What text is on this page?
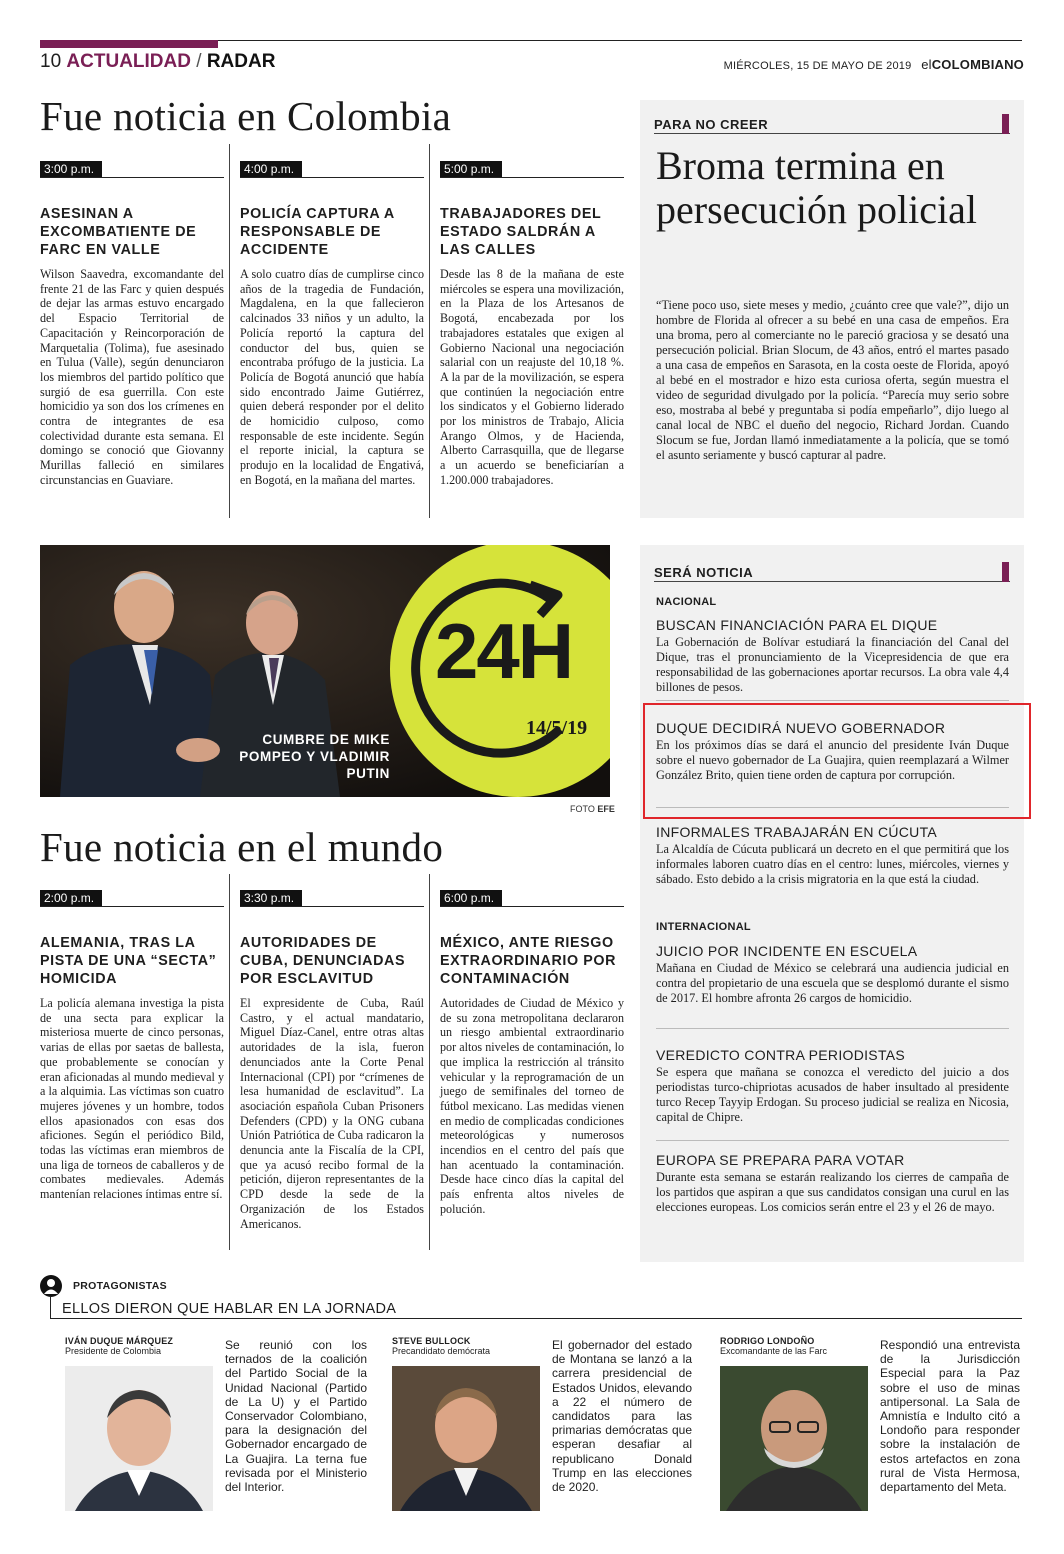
10 ACTUALIDAD / RADAR	MIÉRCOLES, 15 DE MAYO DE 2019 elCOLOMBIANO
Fue noticia en Colombia
3:00 p.m.
ASESINAN A EXCOMBATIENTE DE FARC EN VALLE

Wilson Saavedra, excomandante del frente 21 de las Farc y quien después de dejar las armas estuvo encargado del Espacio Territorial de Capacitación y Reincorporación de Marquetalia (Tolima), fue asesinado en Tulua (Valle), según denunciaron los miembros del partido político que surgió de esa guerrilla. Con este homicidio ya son dos los crímenes en contra de integrantes de esa colectividad durante esta semana. El domingo se conoció que Giovanny Murillas falleció en similares circunstancias en Guaviare.

4:00 p.m.
POLICÍA CAPTURA A RESPONSABLE DE ACCIDENTE

A solo cuatro días de cumplirse cinco años de la tragedia de Fundación, Magdalena, en la que fallecieron calcinados 33 niños y un adulto, la Policía reportó la captura del conductor del bus, quien se encontraba prófugo de la justicia. La Policía de Bogotá anunció que había sido encontrado Jaime Gutiérrez, quien deberá responder por el delito de homicidio culposo, como responsable de este incidente. Según el reporte inicial, la captura se produjo en la localidad de Engativá, en Bogotá, en la mañana del martes.

5:00 p.m.
TRABAJADORES DEL ESTADO SALDRÁN A LAS CALLES

Desde las 8 de la mañana de este miércoles se espera una movilización, en la Plaza de los Artesanos de Bogotá, encabezada por los trabajadores estatales que exigen al Gobierno Nacional una negociación salarial con un reajuste del 10,18 %. A la par de la movilización, se espera que continúen la negociación entre los sindicatos y el Gobierno liderado por los ministros de Trabajo, Alicia Arango Olmos, y de Hacienda, Alberto Carrasquilla, que de llegarse a un acuerdo se beneficiarían a 1.200.000 trabajadores.

PARA NO CREER
Broma termina en persecución policial

“Tiene poco uso, siete meses y medio, ¿cuánto cree que vale?”, dijo un hombre de Florida al ofrecer a su bebé en una casa de empeños. Era una broma, pero al comerciante no le pareció graciosa y se desató una persecución policial. Brian Slocum, de 43 años, entró el martes pasado a una casa de empeños en Sarasota, en la costa oeste de Florida, apoyó al bebé en el mostrador e hizo esta curiosa oferta, según muestra el video de seguridad divulgado por la policía. “Parecía muy serio sobre eso, mostraba al bebé y preguntaba si podía empeñarlo”, dijo luego al canal local de NBC el dueño del negocio, Richard Jordan. Cuando Slocum se fue, Jordan llamó inmediatamente a la policía, que se tomó el asunto seriamente y buscó capturar al padre.

CUMBRE DE MIKE POMPEO Y VLADIMIR PUTIN
24H
14/5/19
FOTO EFE
SERÁ NOTICIA
NACIONAL
BUSCAN FINANCIACIÓN PARA EL DIQUE

La Gobernación de Bolívar estudiará la financiación del Canal del Dique, tras el pronunciamiento de la Vicepresidencia de que era responsabilidad de las gobernaciones aportar recursos. La obra vale 4,4 billones de pesos.

DUQUE DECIDIRÁ NUEVO GOBERNADOR

En los próximos días se dará el anuncio del presidente Iván Duque sobre el nuevo gobernador de La Guajira, quien reemplazará a Wilmer González Brito, quien tiene orden de captura por corrupción.

INFORMALES TRABAJARÁN EN CÚCUTA

La Alcaldía de Cúcuta publicará un decreto en el que permitirá que los informales laboren cuatro días en el centro: lunes, miércoles, viernes y sábado. Esto debido a la crisis migratoria en la que está la ciudad.

INTERNACIONAL
JUICIO POR INCIDENTE EN ESCUELA

Mañana en Ciudad de México se celebrará una audiencia judicial en contra del propietario de una escuela que se desplomó durante el sismo de 2017. El hombre afronta 26 cargos de homicidio.

VEREDICTO CONTRA PERIODISTAS

Se espera que mañana se conozca el veredicto del juicio a dos periodistas turco-chipriotas acusados de haber insultado al presidente turco Recep Tayyip Erdogan. Su proceso judicial se realiza en Nicosia, capital de Chipre.

EUROPA SE PREPARA PARA VOTAR

Durante esta semana se estarán realizando los cierres de campaña de los partidos que aspiran a que sus candidatos consigan una curul en las elecciones europeas. Los comicios serán entre el 23 y el 26 de mayo.

Fue noticia en el mundo
2:00 p.m.
ALEMANIA, TRAS LA PISTA DE UNA “SECTA” HOMICIDA

La policía alemana investiga la pista de una secta para explicar la misteriosa muerte de cinco personas, varias de ellas por saetas de ballesta, que probablemente se conocían y eran aficionadas al mundo medieval y a la alquimia. Las víctimas son cuatro mujeres jóvenes y un hombre, todos ellos apasionados con esas dos aficiones. Según el periódico Bild, todas las víctimas eran miembros de una liga de torneos de caballeros y de combates medievales. Además mantenían relaciones íntimas entre sí.

3:30 p.m.
AUTORIDADES DE CUBA, DENUNCIADAS POR ESCLAVITUD

El expresidente de Cuba, Raúl Castro, y el actual mandatario, Miguel Díaz-Canel, entre otras altas autoridades de la isla, fueron denunciados ante la Corte Penal Internacional (CPI) por “crímenes de lesa humanidad de esclavitud”. La asociación española Cuban Prisoners Defenders (CPD) y la ONG cubana Unión Patriótica de Cuba radicaron la denuncia ante la Fiscalía de la CPI, que ya acusó recibo formal de la petición, dijeron representantes de la CPD desde la sede de la Organización de los Estados Americanos.

6:00 p.m.
MÉXICO, ANTE RIESGO EXTRAORDINARIO POR CONTAMINACIÓN

Autoridades de Ciudad de México y de su zona metropolitana declararon un riesgo ambiental extraordinario por altos niveles de contaminación, lo que implica la restricción al tránsito vehicular y la reprogramación de un juego de semifinales del torneo de fútbol mexicano. Las medidas vienen en medio de complicadas condiciones meteorológicas y numerosos incendios en el centro del país que han acentuado la contaminación. Desde hace cinco días la capital del país enfrenta altos niveles de polución.

PROTAGONISTAS
ELLOS DIERON QUE HABLAR EN LA JORNADA
IVÁN DUQUE MÁRQUEZ
Presidente de Colombia	Se reunió con los ternados de la coalición del Partido Social de la Unidad Nacional (Partido de La U) y el Partido Conservador Colombiano, para la designación del Gobernador encargado de La Guajira. La terna fue revisada por el Ministerio del Interior.

STEVE BULLOCK
Precandidato demócrata	El gobernador del estado de Montana se lanzó a la carrera presidencial de Estados Unidos, elevando a 22 el número de candidatos para las primarias demócratas que esperan desafiar al republicano Donald Trump en las elecciones de 2020.

RODRIGO LONDOÑO
Excomandante de las Farc	Respondió una entrevista de la Jurisdicción Especial para la Paz sobre el uso de minas antipersonal. La Sala de Amnistía e Indulto citó a Londoño para responder sobre la instalación de estos artefactos en zona rural de Vista Hermosa, departamento del Meta.
